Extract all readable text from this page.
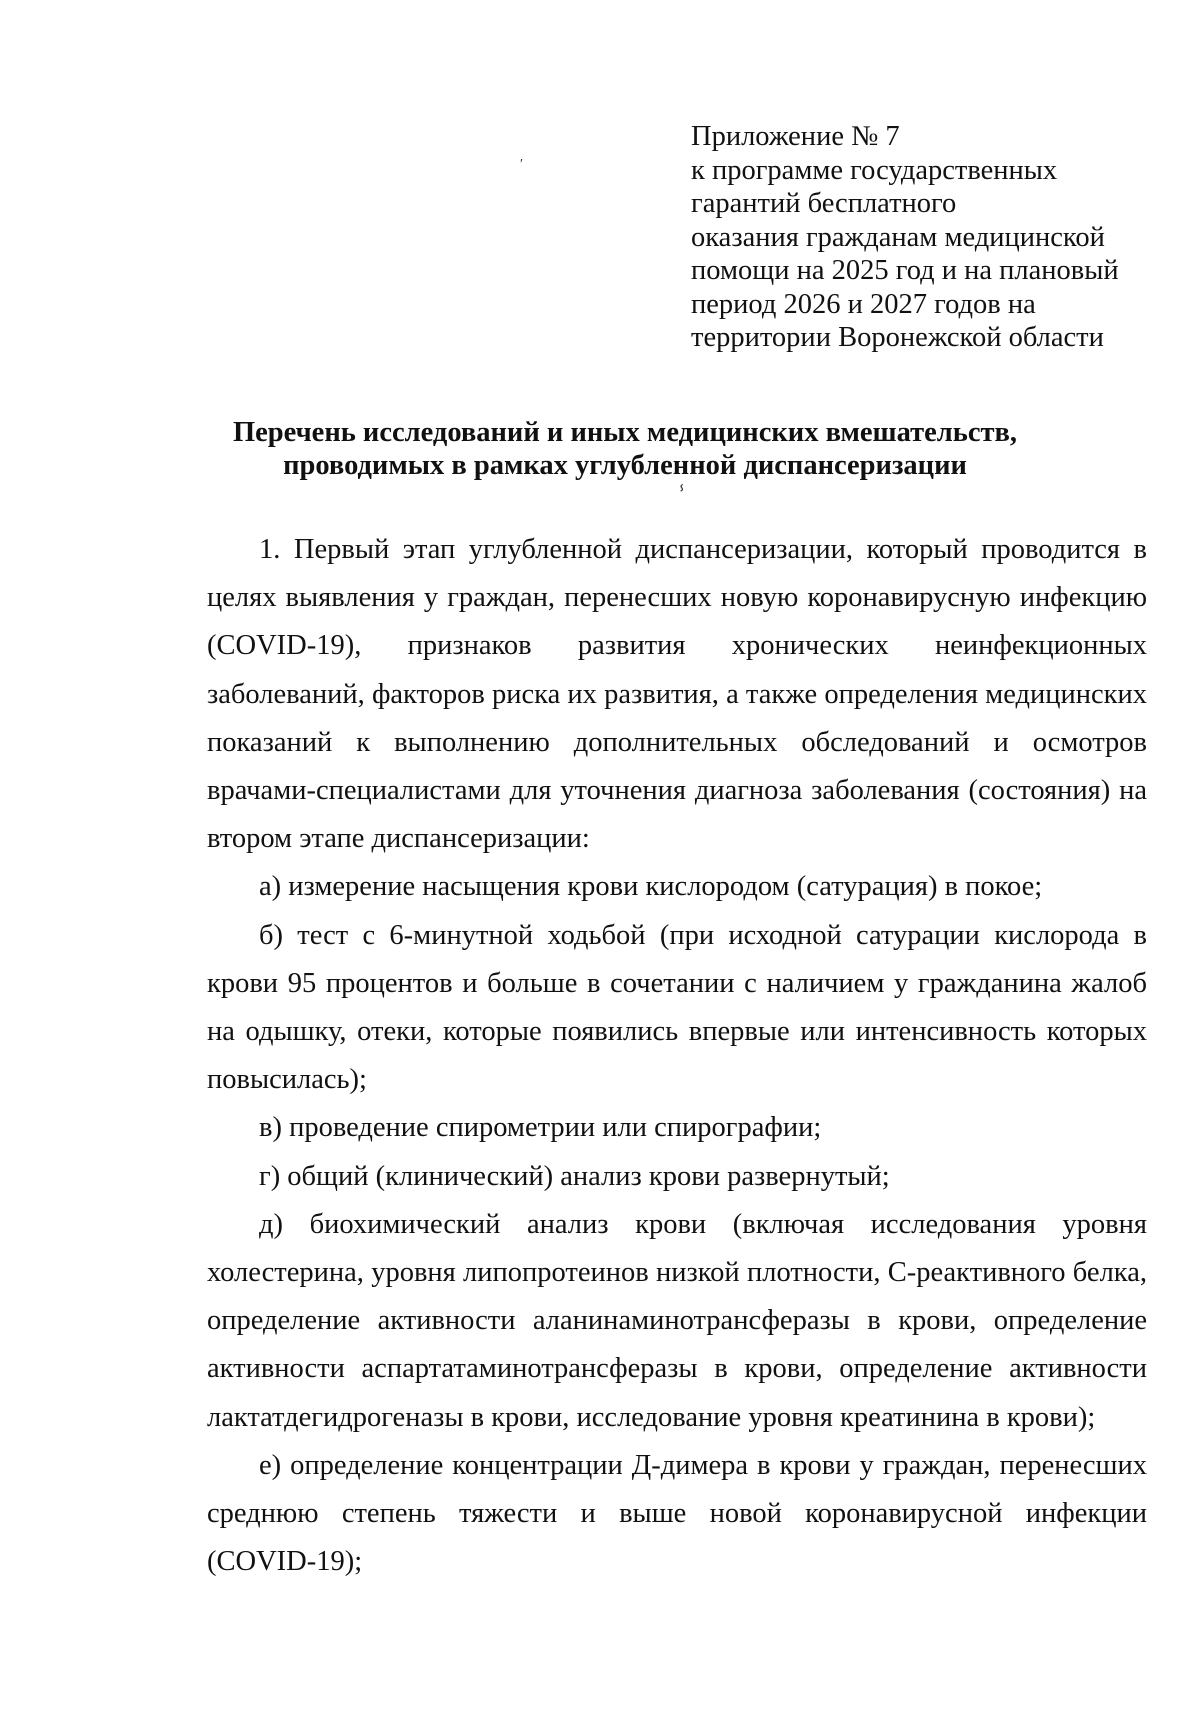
Приложение № 7
к программе государственных
гарантий бесплатного
оказания гражданам медицинской
помощи на 2025 год и на плановый
период 2026 и 2027 годов на
территории Воронежской области
′
Перечень исследований и иных медицинских вмешательств,
проводимых в рамках углубленной диспансеризации
ⸯ

1. Первый этап углубленной диспансеризации, который проводится в целях выявления у граждан, перенесших новую коронавирусную инфекцию (COVID-19), признаков развития хронических неинфекционных заболеваний, факторов риска их развития, а также определения медицинских показаний к выполнению дополнительных обследований и осмотров врачами-специалистами для уточнения диагноза заболевания (состояния) на втором этапе диспансеризации:

а) измерение насыщения крови кислородом (сатурация) в покое;

б) тест с 6-минутной ходьбой (при исходной сатурации кислорода в крови 95 процентов и больше в сочетании с наличием у гражданина жалоб на одышку, отеки, которые появились впервые или интенсивность которых повысилась);

в) проведение спирометрии или спирографии;

г) общий (клинический) анализ крови развернутый;

д) биохимический анализ крови (включая исследования уровня холестерина, уровня липопротеинов низкой плотности, С-реактивного белка, определение активности аланинаминотрансферазы в крови, определение активности аспартатаминотрансферазы в крови, определение активности лактатдегидрогеназы в крови, исследование уровня креатинина в крови);

е) определение концентрации Д-димера в крови у граждан, перенесших среднюю степень тяжести и выше новой коронавирусной инфекции (COVID-19);
